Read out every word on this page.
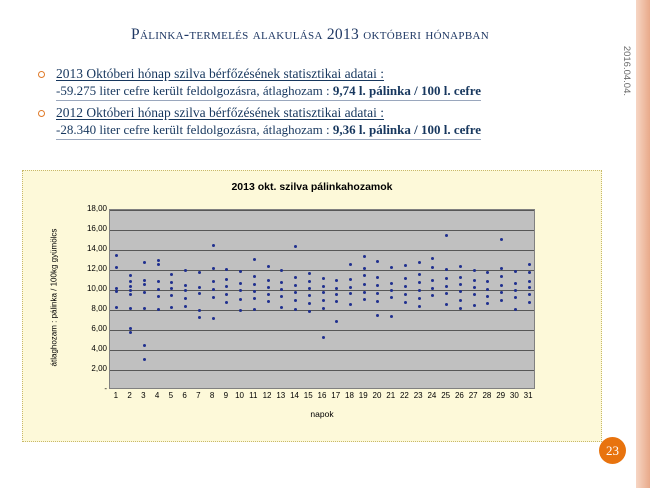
Pálinka-termelés alakulása 2013 októberi hónapban
2013 Októberi hónap szilva bérfőzésének statisztikai adatai :
-59.275 liter cefre került feldolgozásra, átlaghozam : 9,74 l. pálinka / 100 l. cefre
2012 Októberi hónap szilva bérfőzésének statisztikai adatai :
-28.340 liter cefre került feldolgozásra, átlaghozam : 9,36 l. pálinka / 100 l. cefre
2016.04.04.
2013 okt. szilva pálinkahozamok
átlaghozam : pálinka / 100kg gyümölcs
18,00
16,00
14,00
12,00
10,00
8,00
6,00
4,00
2,00
-
1	2	3	4	5	6	7	8	9 10 11 12 13 14 15 16 17 18 19 20 21 22 23 24 25 26 27 28 29 30 31
napok
23
